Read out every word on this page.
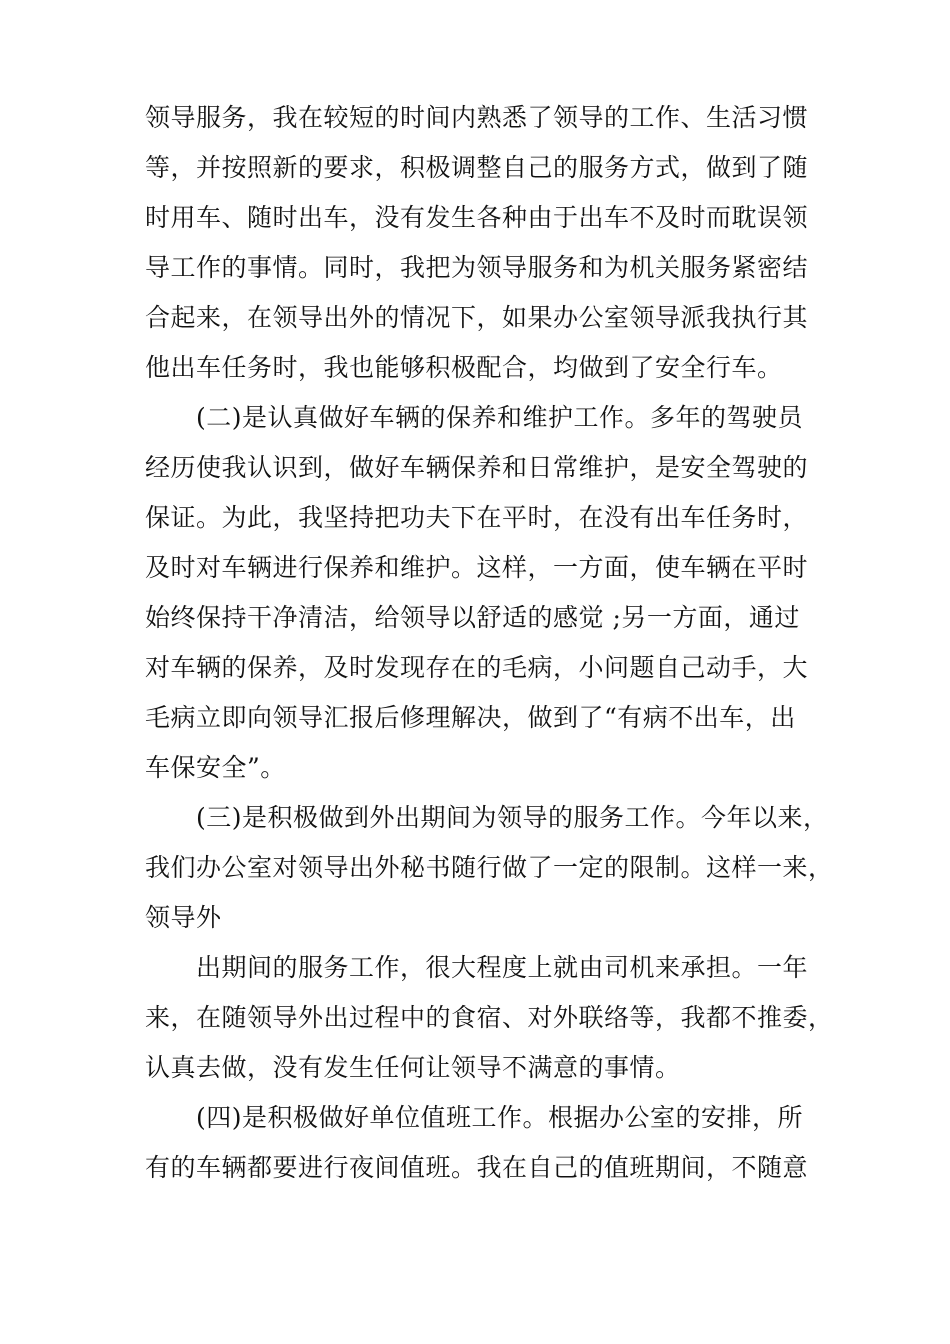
领导服务，我在较短的时间内熟悉了领导的工作、生活习惯

等，并按照新的要求，积极调整自己的服务方式，做到了随

时用车、随时出车，没有发生各种由于出车不及时而耽误领

导工作的事情。同时，我把为领导服务和为机关服务紧密结

合起来，在领导出外的情况下，如果办公室领导派我执行其

他出车任务时，我也能够积极配合，均做到了安全行车。

(二)是认真做好车辆的保养和维护工作。多年的驾驶员

经历使我认识到，做好车辆保养和日常维护，是安全驾驶的

保证。为此，我坚持把功夫下在平时，在没有出车任务时，

及时对车辆进行保养和维护。这样，一方面，使车辆在平时

始终保持干净清洁，给领导以舒适的感觉 ;另一方面，通过

对车辆的保养，及时发现存在的毛病，小问题自己动手，大

毛病立即向领导汇报后修理解决，做到了“有病不出车，出

车保安全”。

(三)是积极做到外出期间为领导的服务工作。今年以来，

我们办公室对领导出外秘书随行做了一定的限制。这样一来，

领导外

出期间的服务工作，很大程度上就由司机来承担。一年

来，在随领导外出过程中的食宿、对外联络等，我都不推委，

认真去做，没有发生任何让领导不满意的事情。

(四)是积极做好单位值班工作。根据办公室的安排，所

有的车辆都要进行夜间值班。我在自己的值班期间，不随意
